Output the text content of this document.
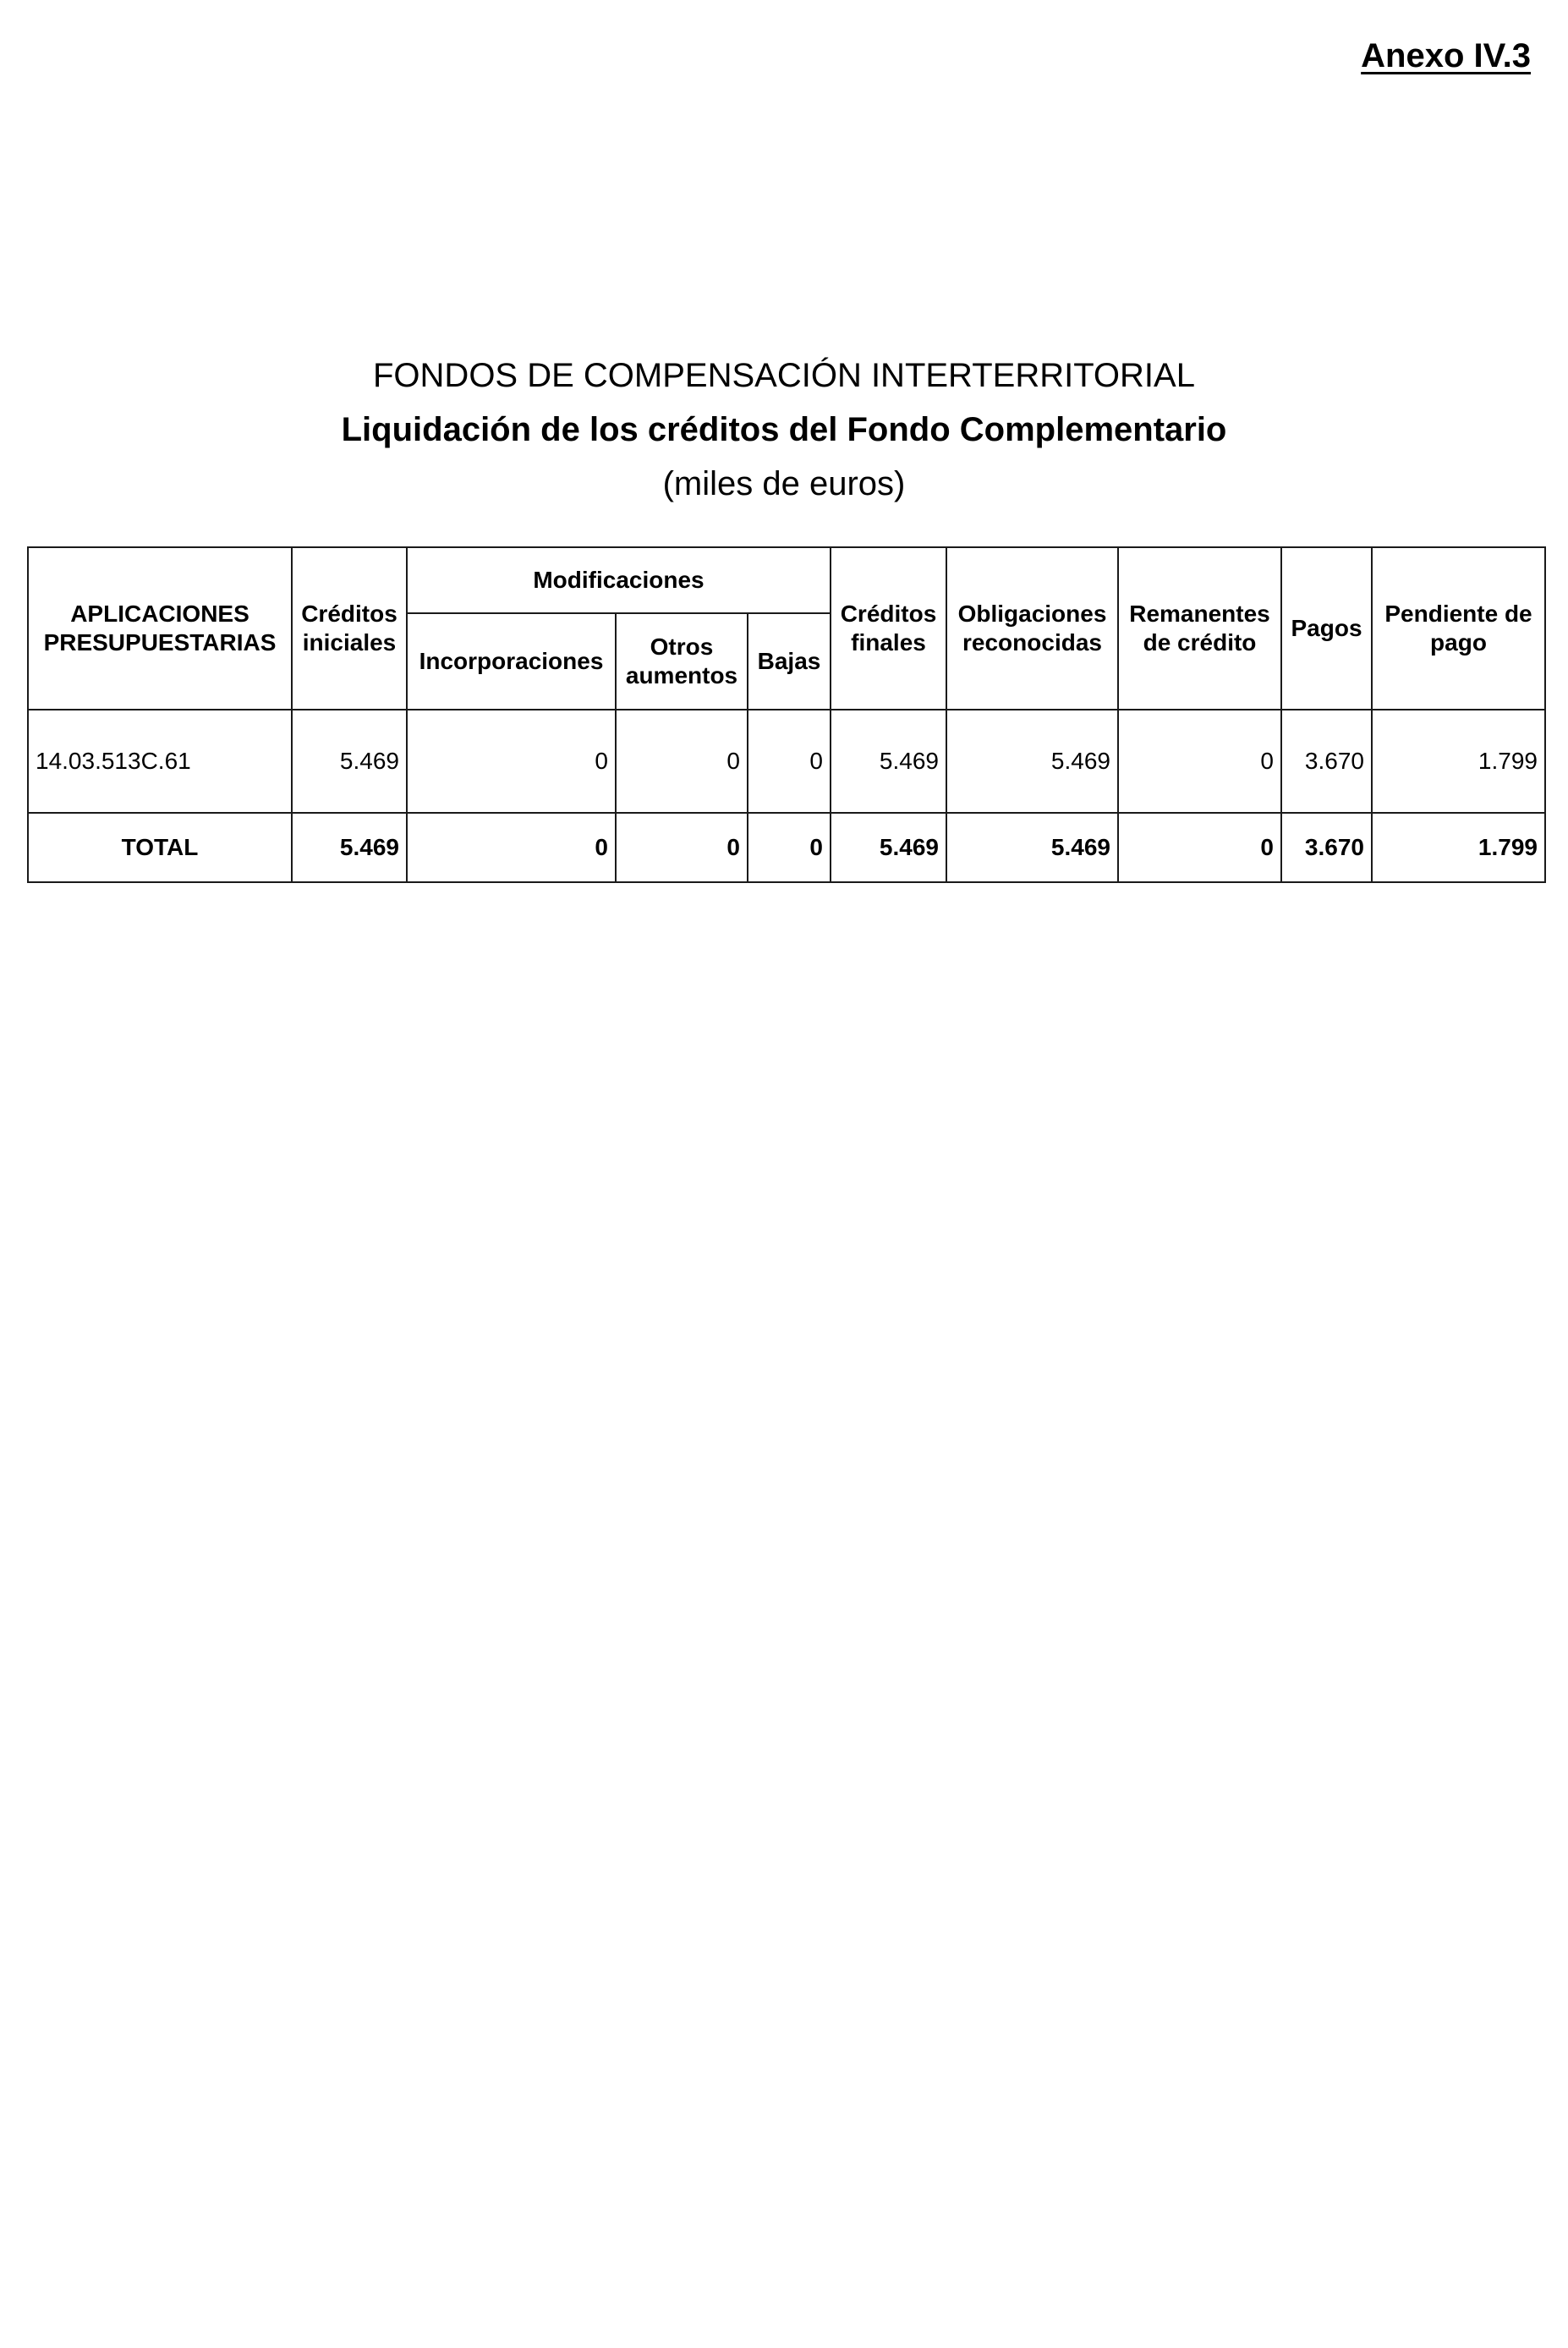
Anexo IV.3
FONDOS DE COMPENSACIÓN INTERTERRITORIAL
Liquidación de los créditos del Fondo Complementario
(miles de euros)
APLICACIONES PRESUPUESTARIAS	Créditos iniciales	Modificaciones			Créditos finales	Obligaciones reconocidas	Remanentes de crédito	Pagos	Pendiente de pago
		Incorporaciones	Otros aumentos	Bajas					
14.03.513C.61	5.469	0	0	0	5.469	5.469	0	3.670	1.799
TOTAL	5.469	0	0	0	5.469	5.469	0	3.670	1.799
